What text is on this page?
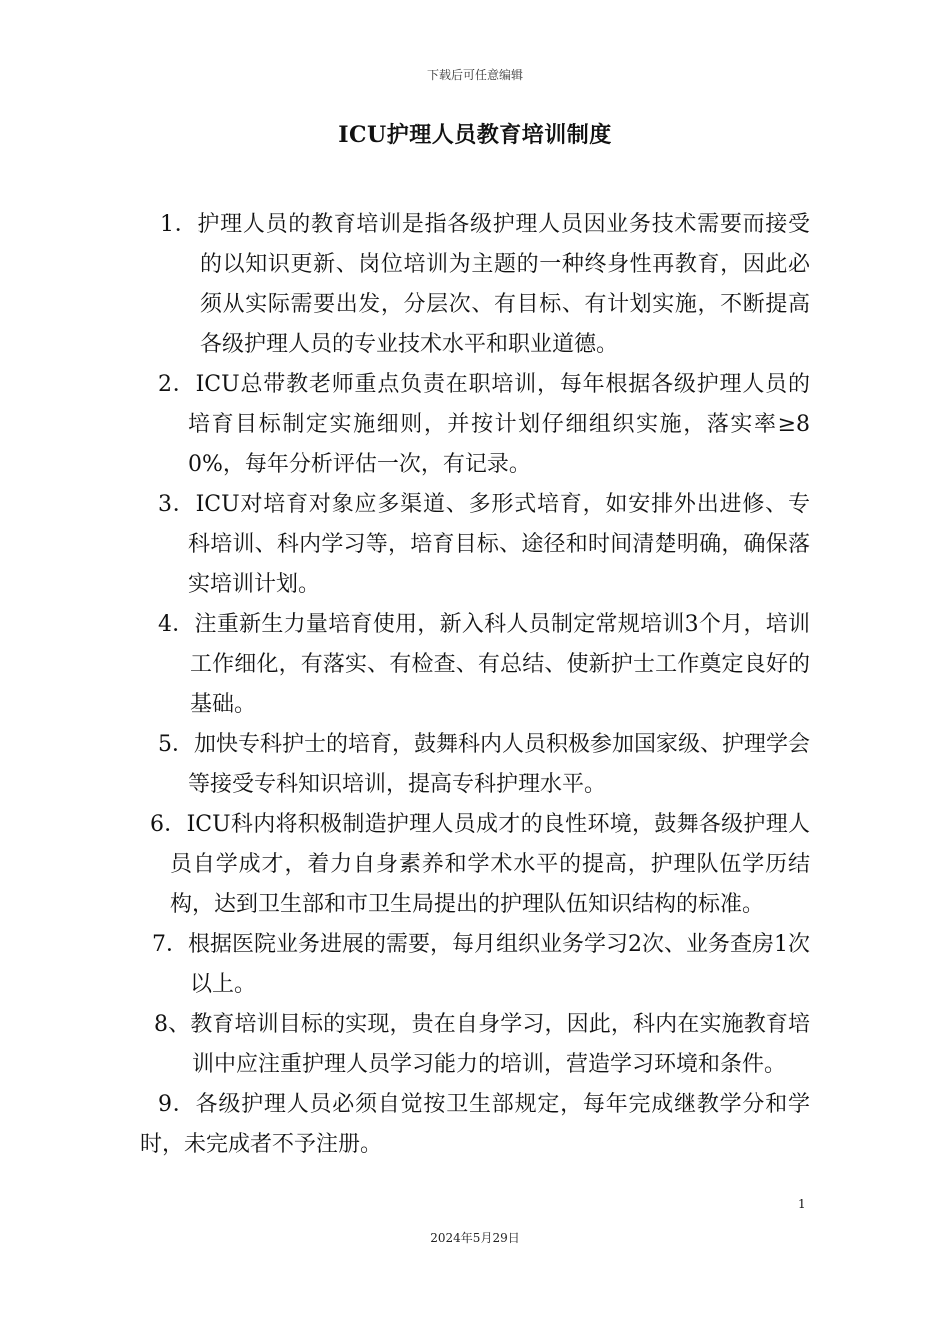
下载后可任意编辑
ICU护理人员教育培训制度
1．护理人员的教育培训是指各级护理人员因业务技术需要而接受的以知识更新、岗位培训为主题的一种终身性再教育，因此必须从实际需要出发，分层次、有目标、有计划实施，不断提高各级护理人员的专业技术水平和职业道德。
2．ICU总带教老师重点负责在职培训，每年根据各级护理人员的培育目标制定实施细则，并按计划仔细组织实施，落实率≥80%，每年分析评估一次，有记录。
3．ICU对培育对象应多渠道、多形式培育，如安排外出进修、专科培训、科内学习等，培育目标、途径和时间清楚明确，确保落实培训计划。
4．注重新生力量培育使用，新入科人员制定常规培训3个月，培训工作细化，有落实、有检查、有总结、使新护士工作奠定良好的基础。
5．加快专科护士的培育，鼓舞科内人员积极参加国家级、护理学会等接受专科知识培训，提高专科护理水平。
6．ICU科内将积极制造护理人员成才的良性环境，鼓舞各级护理人员自学成才，着力自身素养和学术水平的提高，护理队伍学历结构，达到卫生部和市卫生局提出的护理队伍知识结构的标准。
7．根据医院业务进展的需要，每月组织业务学习2次、业务查房1次以上。
8、教育培训目标的实现，贵在自身学习，因此，科内在实施教育培训中应注重护理人员学习能力的培训，营造学习环境和条件。
9．各级护理人员必须自觉按卫生部规定，每年完成继教学分和学时，未完成者不予注册。
1
2024年5月29日
